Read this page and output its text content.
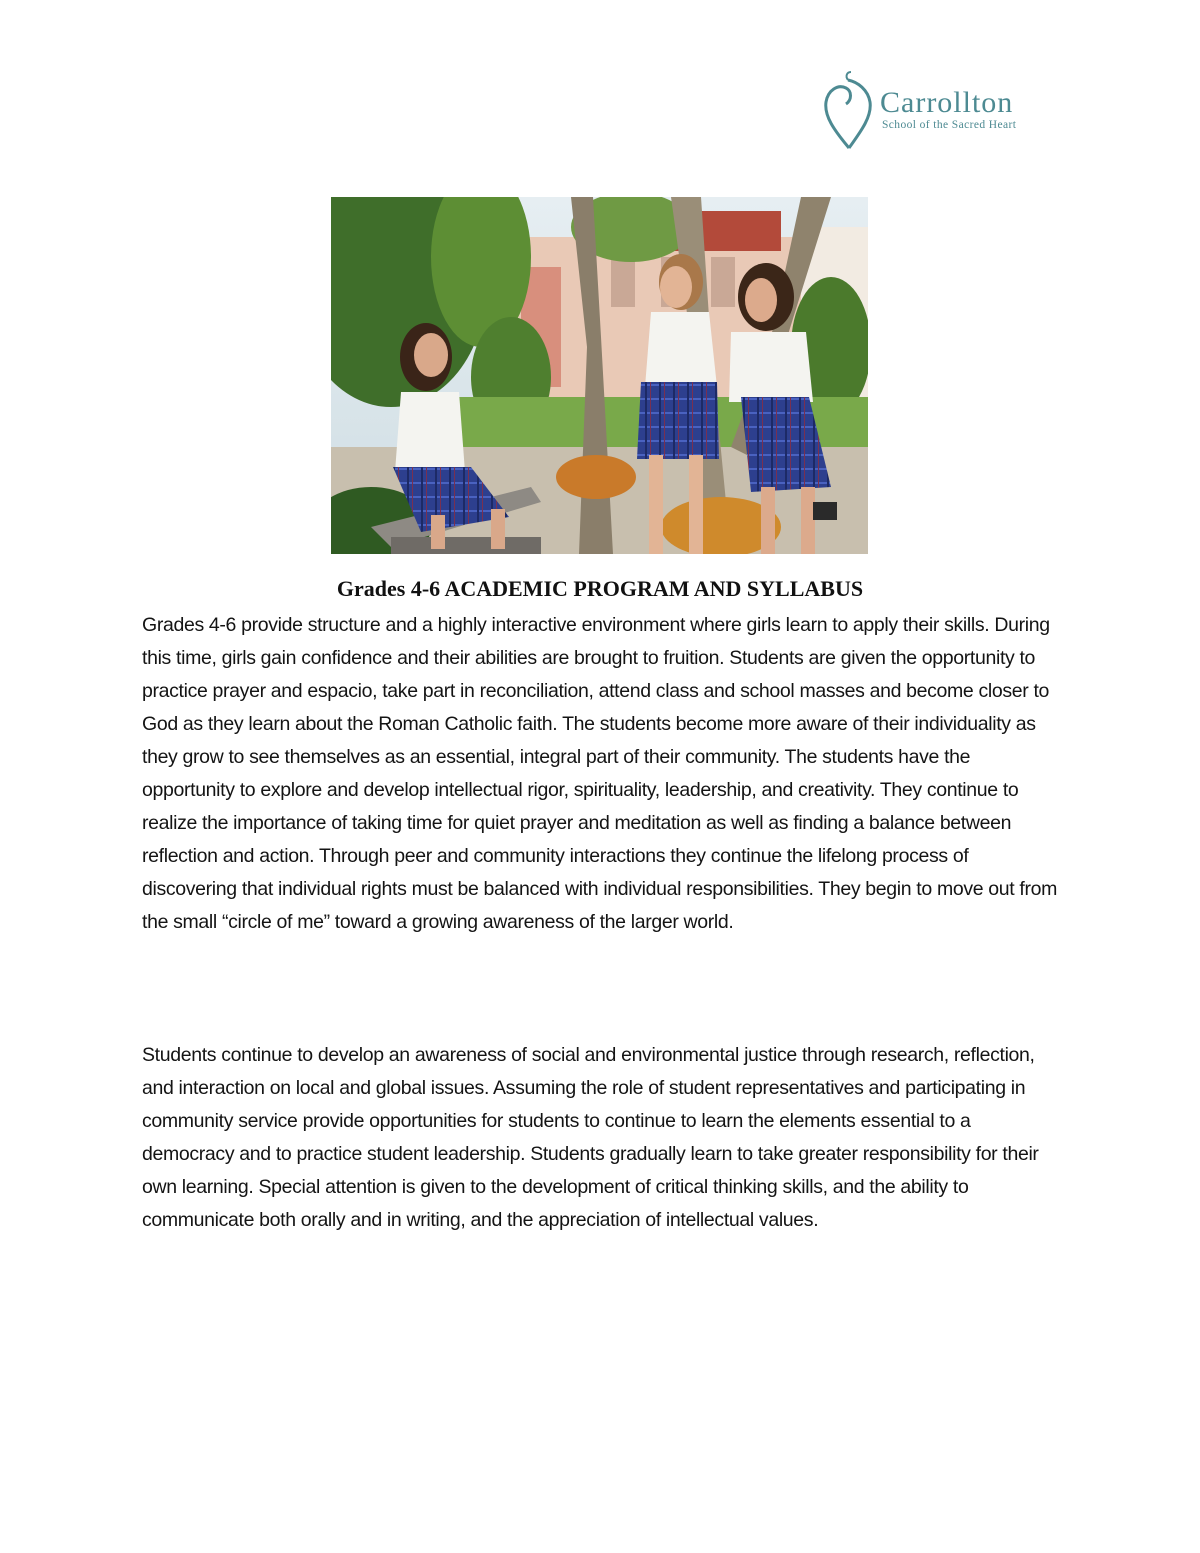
Carrollton
School of the Sacred Heart
Grades 4-6 ACADEMIC PROGRAM AND SYLLABUS

Grades 4-6 provide structure and a highly interactive environment where girls learn to apply their skills. During this time, girls gain confidence and their abilities are brought to fruition. Students are given the opportunity to practice prayer and espacio, take part in reconciliation, attend class and school masses and become closer to God as they learn about the Roman Catholic faith. The students become more aware of their individuality as they grow to see themselves as an essential, integral part of their community. The students have the opportunity to explore and develop intellectual rigor, spirituality, leadership, and creativity. They continue to realize the importance of taking time for quiet prayer and meditation as well as finding a balance between reflection and action. Through peer and community interactions they continue the lifelong process of discovering that individual rights must be balanced with individual responsibilities. They begin to move out from the small “circle of me” toward a growing awareness of the larger world.

Students continue to develop an awareness of social and environmental justice through research, reflection, and interaction on local and global issues. Assuming the role of student representatives and participating in community service provide opportunities for students to continue to learn the elements essential to a democracy and to practice student leadership. Students gradually learn to take greater responsibility for their own learning. Special attention is given to the development of critical thinking skills, and the ability to communicate both orally and in writing, and the appreciation of intellectual values.
